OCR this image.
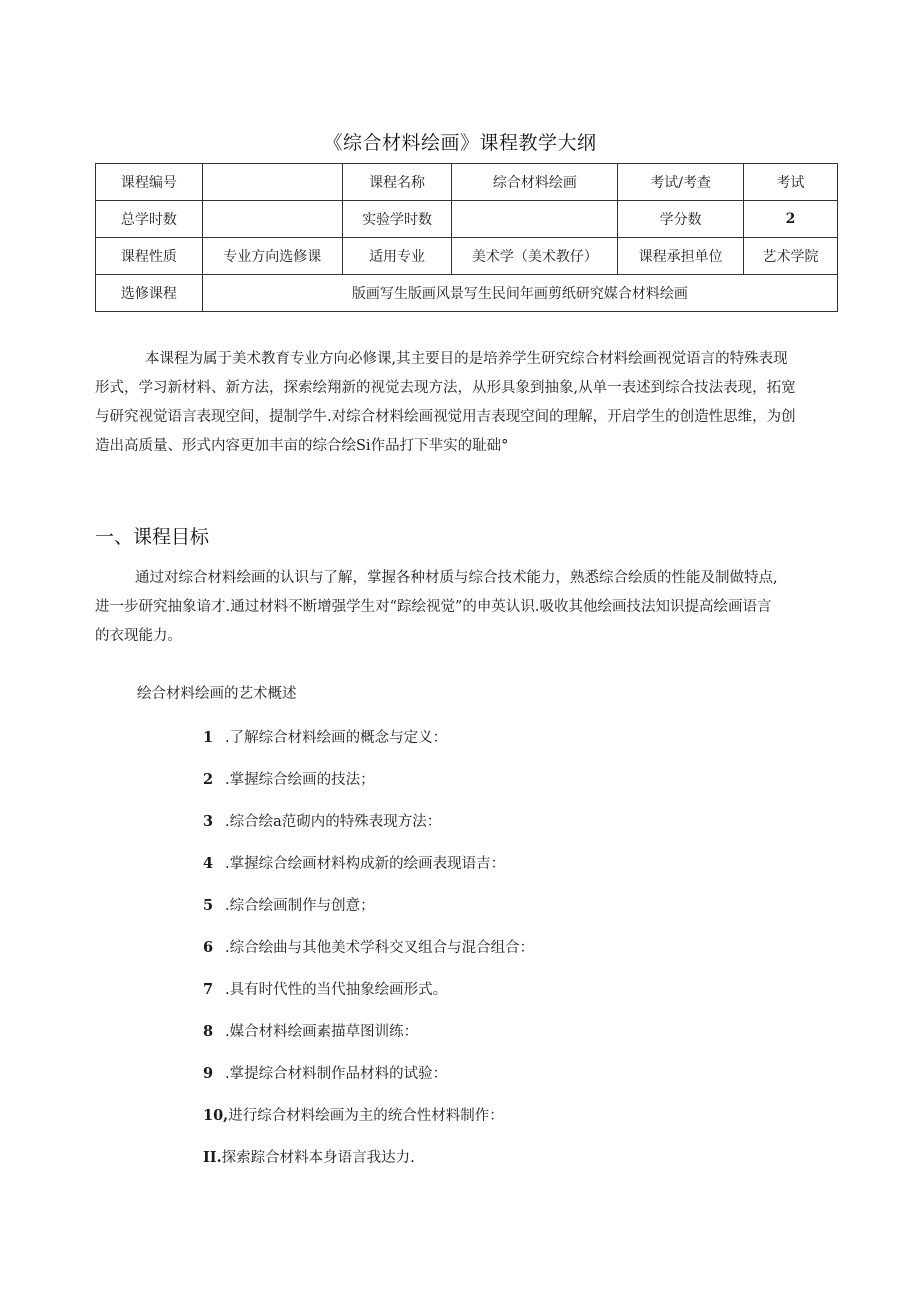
《综合材料绘画》课程教学大纲
课程编号		课程名称	综合材料绘画	考试/考查	考试
总学时数		实验学时数		学分数	2
课程性质	专业方向选修课	适用专业	美术学（美术教仔）	课程承担单位	艺术学院
选修课程	版画写生版画风景写生民间年画剪纸研究媒合材料绘画				
本课程为属于美术教育专业方向必修课,其主要目的是培养学生研究综合材料绘画视觉语言的特殊表现
形式，学习新材料、新方法，探索绘翔新的视觉去现方法，从形具象到抽象,从单一表述到综合技法表现，拓宽
与研究视觉语言表现空间，提制学牛.对综合材料绘画视觉用吉表现空间的理解，开启学生的创造性思维，为创
造出高质量、形式内容更加丰亩的综合绘Si作品打下芈实的耻础°
一、课程目标
通过对综合材料绘画的认识与了解，掌握各种材质与综合技术能力，熟悉综合绘质的性能及制做特点,
进一步研究抽象谙才.通过材料不断增强学生对“踪绘视觉”的申英认识.吸收其他绘画技法知识提高绘画语言
的衣现能力。
绘合材料绘画的艺术概述
1 .了解综合材料绘画的概念与定义：
2 .掌握综合绘画的技法；
3 .综合绘a范砌内的特殊表现方法：
4 .掌握综合绘画材料构成新的绘画表现语吉：
5 .综合绘画制作与创意；
6 .综合绘曲与其他美术学科交叉组合与混合组合：
7 .具有时代性的当代抽象绘画形式。
8 .媒合材料绘画素描草图训练：
9 .掌提综合材料制作品材料的试验：
10,进行综合材料绘画为主的统合性材料制作：
II.探索踪合材料本身语言我达力.
